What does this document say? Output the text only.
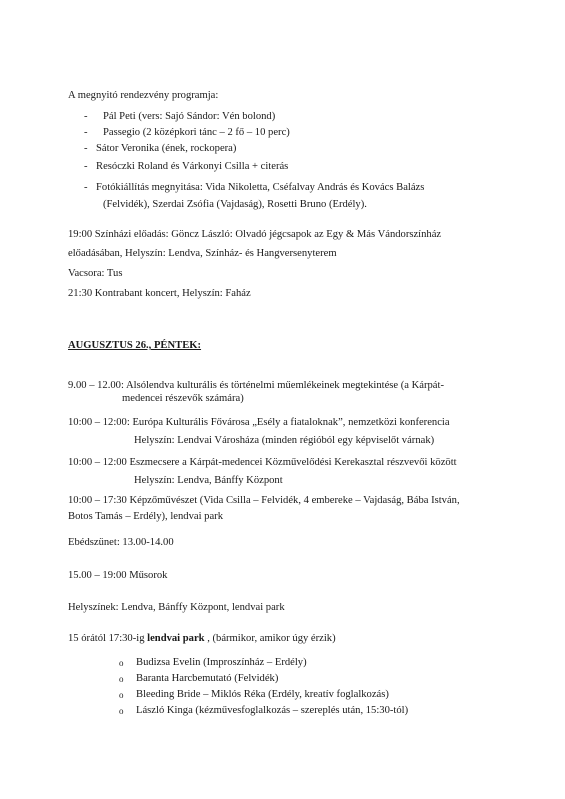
A megnyitó rendezvény programja:
- Pál Peti (vers: Sajó Sándor: Vén bolond)
- Passegio (2 középkori tánc – 2 fő – 10 perc)
- Sátor Veronika (ének, rockopera)
- Resóczki Roland és Várkonyi Csilla + citerás
- Fotókiállítás megnyitása: Vida Nikoletta, Cséfalvay András és Kovács Balázs
(Felvidék), Szerdai Zsófia (Vajdaság), Rosetti Bruno (Erdély).
19:00 Színházi előadás: Göncz László: Olvadó jégcsapok az Egy & Más Vándorszínház
előadásában, Helyszín: Lendva, Színház- és Hangversenyterem
Vacsora: Tus
21:30 Kontrabant koncert, Helyszín: Faház
AUGUSZTUS 26., PÉNTEK:
9.00 – 12.00: Alsólendva kulturális és történelmi műemlékeinek megtekintése (a Kárpát-
medencei részevők számára)
10:00 – 12:00: Európa Kulturális Fővárosa „Esély a fiataloknak”, nemzetközi konferencia
Helyszín: Lendvai Városháza (minden régióból egy képviselőt várnak)
10:00 – 12:00 Eszmecsere a Kárpát-medencei Közművelődési Kerekasztal részvevői között
Helyszín: Lendva, Bánffy Központ
10:00 – 17:30 Képzőművészet (Vida Csilla – Felvidék, 4 embereke – Vajdaság, Bába István,
Botos Tamás – Erdély), lendvai park
Ebédszünet: 13.00-14.00
15.00 – 19:00 Műsorok
Helyszínek: Lendva, Bánffy Központ, lendvai park
15 órától 17:30-ig lendvai park , (bármikor, amikor úgy érzik)
o Budizsa Evelin (Improszínház – Erdély)
o Baranta Harcbemutató (Felvidék)
o Bleeding Bride – Miklós Réka (Erdély, kreatív foglalkozás)
o László Kinga (kézművesfoglalkozás – szereplés után, 15:30-tól)
